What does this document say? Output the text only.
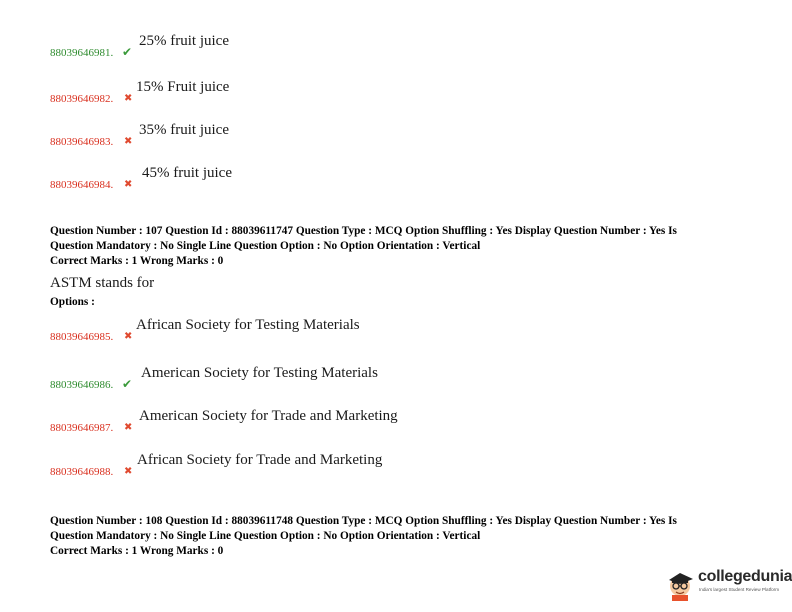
88039646981. ✔
25% fruit juice
88039646982. ✖
15% Fruit juice
88039646983. ✖
35% fruit juice
88039646984. ✖
45% fruit juice
Question Number : 107 Question Id : 88039611747 Question Type : MCQ Option Shuffling : Yes Display Question Number : Yes Is
Question Mandatory : No Single Line Question Option : No Option Orientation : Vertical
Correct Marks : 1 Wrong Marks : 0
ASTM stands for
Options :
88039646985. ✖
African Society for Testing Materials
88039646986. ✔
American Society for Testing Materials
88039646987. ✖
American Society for Trade and Marketing
88039646988. ✖
African Society for Trade and Marketing
Question Number : 108 Question Id : 88039611748 Question Type : MCQ Option Shuffling : Yes Display Question Number : Yes Is
Question Mandatory : No Single Line Question Option : No Option Orientation : Vertical
Correct Marks : 1 Wrong Marks : 0
collegedunia
India's largest Student Review Platform
